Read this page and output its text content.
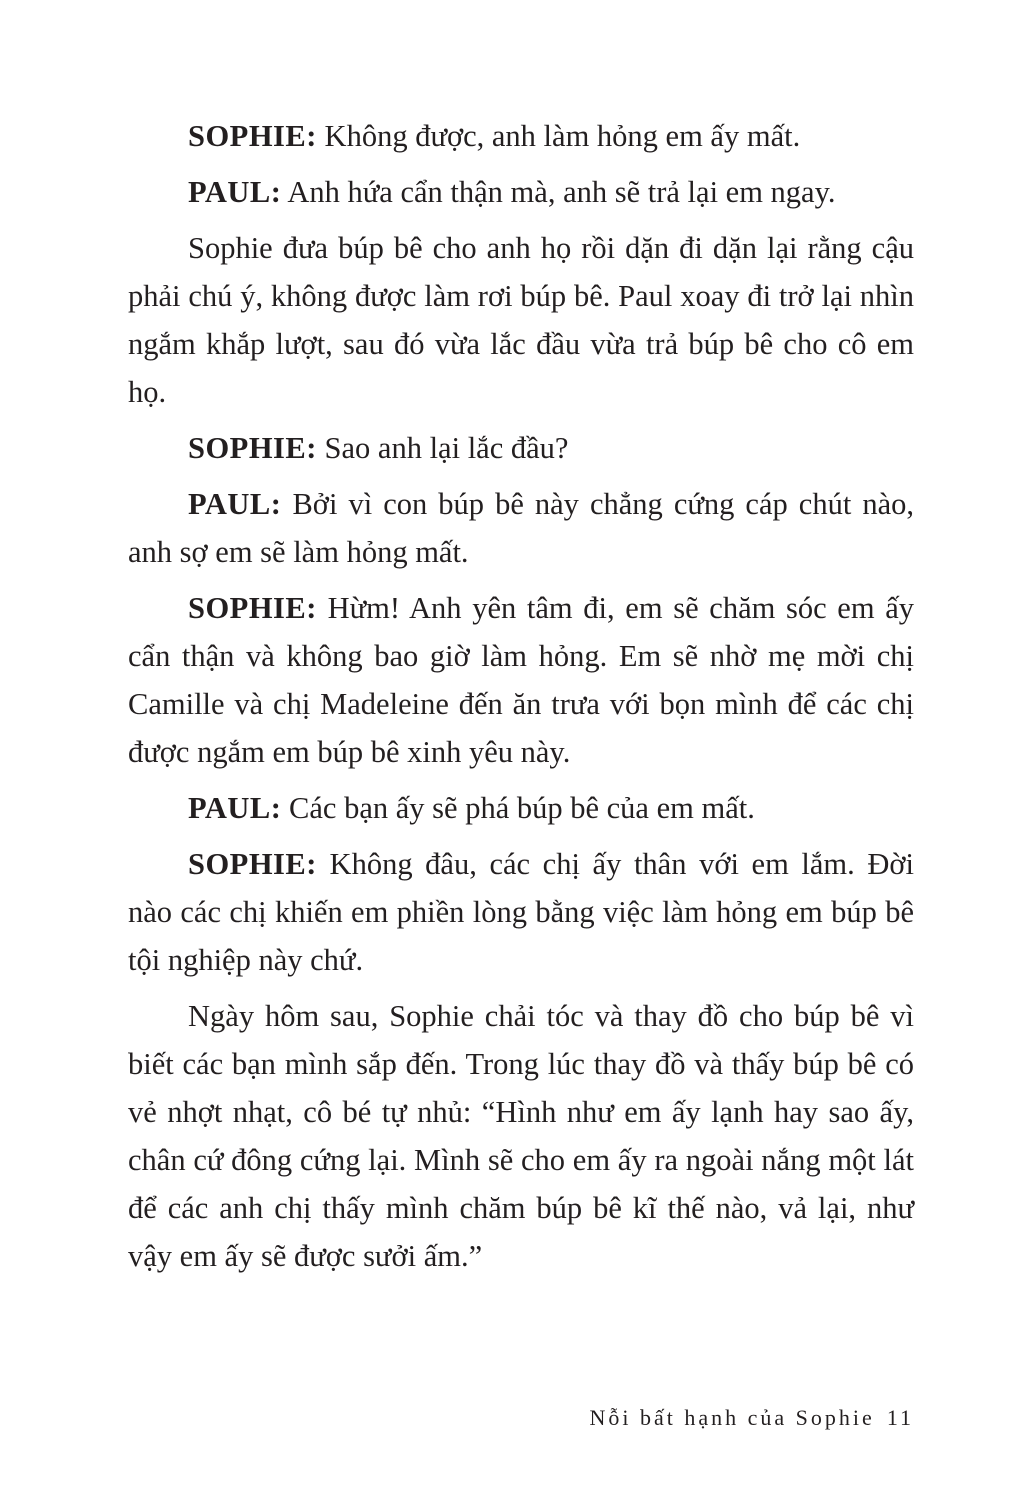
SOPHIE: Không được, anh làm hỏng em ấy mất.

PAUL: Anh hứa cẩn thận mà, anh sẽ trả lại em ngay.

Sophie đưa búp bê cho anh họ rồi dặn đi dặn lại rằng cậu phải chú ý, không được làm rơi búp bê. Paul xoay đi trở lại nhìn ngắm khắp lượt, sau đó vừa lắc đầu vừa trả búp bê cho cô em họ.

SOPHIE: Sao anh lại lắc đầu?

PAUL: Bởi vì con búp bê này chẳng cứng cáp chút nào, anh sợ em sẽ làm hỏng mất.

SOPHIE: Hừm! Anh yên tâm đi, em sẽ chăm sóc em ấy cẩn thận và không bao giờ làm hỏng. Em sẽ nhờ mẹ mời chị Camille và chị Madeleine đến ăn trưa với bọn mình để các chị được ngắm em búp bê xinh yêu này.

PAUL: Các bạn ấy sẽ phá búp bê của em mất.

SOPHIE: Không đâu, các chị ấy thân với em lắm. Đời nào các chị khiến em phiền lòng bằng việc làm hỏng em búp bê tội nghiệp này chứ.

Ngày hôm sau, Sophie chải tóc và thay đồ cho búp bê vì biết các bạn mình sắp đến. Trong lúc thay đồ và thấy búp bê có vẻ nhợt nhạt, cô bé tự nhủ: “Hình như em ấy lạnh hay sao ấy, chân cứ đông cứng lại. Mình sẽ cho em ấy ra ngoài nắng một lát để các anh chị thấy mình chăm búp bê kĩ thế nào, vả lại, như vậy em ấy sẽ được sưởi ấm.”

Nỗi bất hạnh của Sophie 11
